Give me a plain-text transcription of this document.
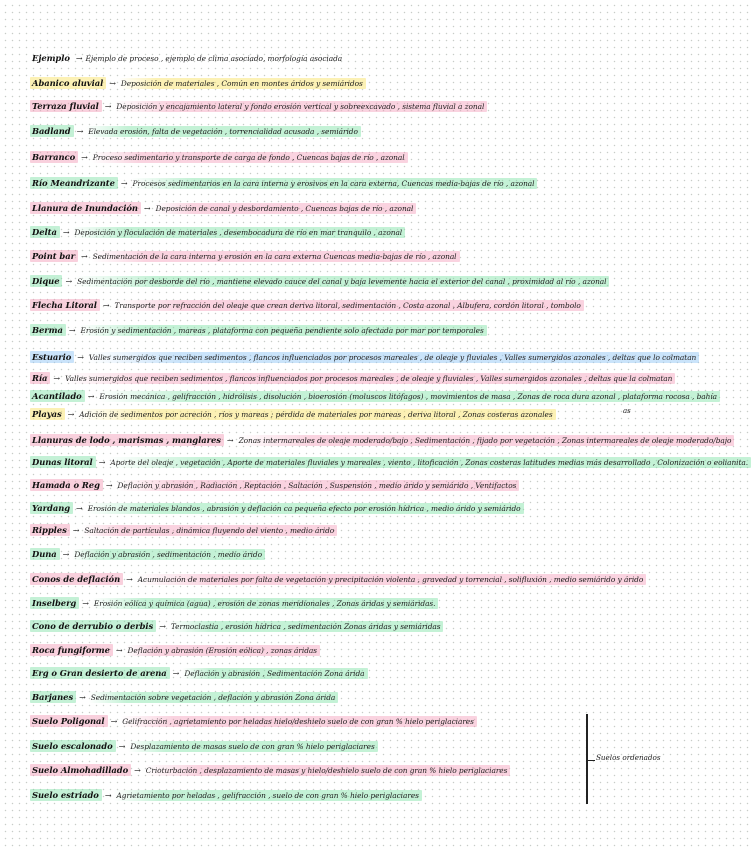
Ejemplo → Ejemplo de proceso , ejemplo de clima asociado, morfología asociada
Abanico aluvial → Deposición de materiales , Común en montes áridos y semiáridos
Terraza fluvial → Deposición y encajamiento lateral y fondo erosión vertical y sobreexcavado , sistema fluvial a zonal
Badland → Elevada erosión, falta de vegetación , torrencialidad acusada , semiárido
Barranco → Proceso sedimentario y transporte de carga de fondo , Cuencas bajas de río , azonal
Río Meandrizante → Procesos sedimentarios en la cara interna y erosivos en la cara externa, Cuencas media-bajas de río , azonal
Llanura de Inundación → Deposición de canal y desbordamiento , Cuencas bajas de río , azonal
Delta → Deposición y floculación de materiales , desembocadura de río en mar tranquilo , azonal
Point bar → Sedimentación de la cara interna y erosión en la cara externa Cuencas media-bajas de río , azonal
Dique → Sedimentación por desborde del río , mantiene elevado cauce del canal y baja levemente hacia el exterior del canal , proximidad al río , azonal
Flecha Litoral → Transporte por refracción del oleaje que crean deriva litoral, sedimentación , Costa azonal , Albufera, cordón litoral , tombolo
Berma → Erosión y sedimentación , mareas , plataforma con pequeña pendiente solo afectada por mar por temporales
Estuario → Valles sumergidos que reciben sedimentos , flancos influenciados por procesos mareales , de oleaje y fluviales , Valles sumergidos azonales , deltas que lo colmatan
Ría → Valles sumergidos que reciben sedimentos , flancos influenciados por procesos mareales , de oleaje y fluviales , Valles sumergidos azonales , deltas que la colmatan
Acantilado → Erosión mecánica , gelifracción , hidrólisis , disolución , bioerosión (moluscos litófagos) , movimientos de masa , Zonas de roca dura azonal , plataforma rocosa , bahía
Playas → Adición de sedimentos por acreción , ríos y mareas ; pérdida de materiales por mareas , deriva litoral , Zonas costeras azonales
Llanuras de lodo , marismas , manglares → Zonas intermareales de oleaje moderado/bajo , Sedimentación , fijado por vegetación , Zonas intermareales de oleaje moderado/bajo
Dunas litoral → Aporte del oleaje , vegetación , Aporte de materiales fluviales y mareales , viento , litoficación , Zonas costeras latitudes medias más desarrollado , Colonización o eolianita.
Hamada o Reg → Deflación y abrasión , Radiación , Reptación , Saltación , Suspensión , medio árido y semiárido , Ventifactos
Yardang → Erosión de materiales blandos , abrasión y deflación ca pequeña efecto por erosión hídrica , medio árido y semiárido
Ripples → Saltación de partículas , dinámica fluyendo del viento , medio árido
Duna → Deflación y abrasión , sedimentación , medio árido
Conos de deflación → Acumulación de materiales por falta de vegetación y precipitación violenta , gravedad y torrencial , solifluxión , medio semiárido y árido
Inselberg → Erosión eólica y química (agua) , erosión de zonas meridionales , Zonas áridas y semiáridas.
Cono de derrubio o derbis → Termoclastia , erosión hídrica , sedimentación Zonas áridas y semiáridas
Roca fungiforme → Deflación y abrasión (Erosión eólica) , zonas áridas
Erg o Gran desierto de arena → Deflación y abrasión , Sedimentación Zona árida
Barjanes → Sedimentación sobre vegetación , deflación y abrasión Zona árida
Suelo Poligonal → Gelifracción , agrietamiento por heladas hielo/deshielo suelo de con gran % hielo periglaciares
Suelo escalonado → Desplazamiento de masas suelo de con gran % hielo periglaciares
Suelo Almohadillado → Crioturbación , desplazamiento de masas y hielo/deshielo suelo de con gran % hielo periglaciares
Suelo estriado → Agrietamiento por heladas , gelifracción , suelo de con gran % hielo periglaciares
Suelos ordenados
as
